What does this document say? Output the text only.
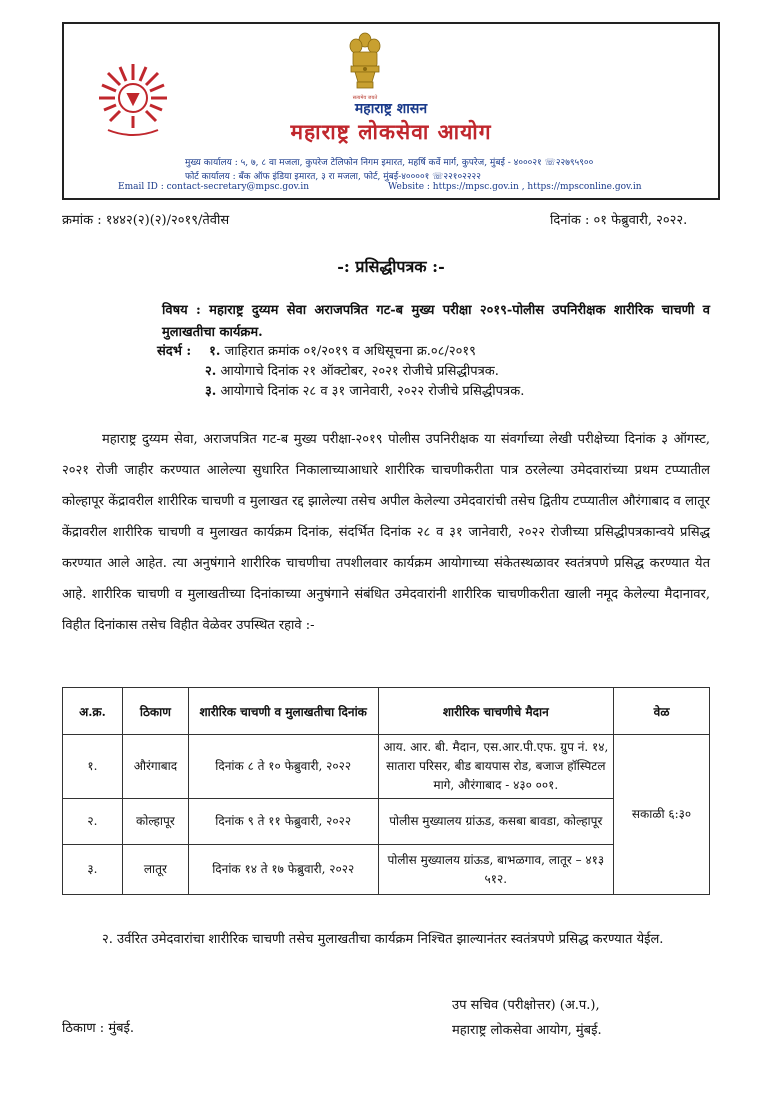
सत्यमेव जयते
महाराष्ट्र शासन
महाराष्ट्र लोकसेवा आयोग
मुख्य कार्यालय : ५, ७, ८ वा मजला, कुपरेज टेलिफोन निगम इमारत, महर्षि कर्वे मार्ग, कुपरेज, मुंबई - ४०००२१ ☏२२७९५९००
फोर्ट कार्यालय : बँक ऑफ इंडिया इमारत, ३ रा मजला, फोर्ट, मुंबई-४००००१ ☏२२१०२२२२
Email ID : contact-secretary@mpsc.gov.in	Website : https://mpsc.gov.in , https://mpsconline.gov.in
क्रमांक : १४४२(२)(२)/२०१९/तेवीस	दिनांक : ०१ फेब्रुवारी, २०२२.
-: प्रसिद्धीपत्रक :-
विषय : महाराष्ट्र दुय्यम सेवा अराजपत्रित गट-ब मुख्य परीक्षा २०१९-पोलीस उपनिरीक्षक शारीरिक चाचणी व मुलाखतीचा कार्यक्रम.
संदर्भ : १. जाहिरात क्रमांक ०१/२०१९ व अधिसूचना क्र.०८/२०१९
२. आयोगाचे दिनांक २१ ऑक्टोबर, २०२१ रोजीचे प्रसिद्धीपत्रक.
३. आयोगाचे दिनांक २८ व ३१ जानेवारी, २०२२ रोजीचे प्रसिद्धीपत्रक.
महाराष्ट्र दुय्यम सेवा, अराजपत्रित गट-ब मुख्य परीक्षा-२०१९ पोलीस उपनिरीक्षक या संवर्गाच्या लेखी परीक्षेच्या दिनांक ३ ऑगस्ट, २०२१ रोजी जाहीर करण्यात आलेल्या सुधारित निकालाच्याआधारे शारीरिक चाचणीकरीता पात्र ठरलेल्या उमेदवारांच्या प्रथम टप्प्यातील कोल्हापूर केंद्रावरील शारीरिक चाचणी व मुलाखत रद्द झालेल्या तसेच अपील केलेल्या उमेदवारांची तसेच द्वितीय टप्प्यातील औरंगाबाद व लातूर केंद्रावरील शारीरिक चाचणी व मुलाखत कार्यक्रम दिनांक, संदर्भित दिनांक २८ व ३१ जानेवारी, २०२२ रोजीच्या प्रसिद्धीपत्रकान्वये प्रसिद्ध करण्यात आले आहेत. त्या अनुषंगाने शारीरिक चाचणीचा तपशीलवार कार्यक्रम आयोगाच्या संकेतस्थळावर स्वतंत्रपणे प्रसिद्ध करण्यात येत आहे. शारीरिक चाचणी व मुलाखतीच्या दिनांकाच्या अनुषंगाने संबंधित उमेदवारांनी शारीरिक चाचणीकरीता खाली नमूद केलेल्या मैदानावर, विहीत दिनांकास तसेच विहीत वेळेवर उपस्थित रहावे :-
अ.क्र.	ठिकाण	शारीरिक चाचणी व मुलाखतीचा दिनांक	शारीरिक चाचणीचे मैदान	वेळ
१.	औरंगाबाद	दिनांक ८ ते १० फेब्रुवारी, २०२२	आय. आर. बी. मैदान, एस.आर.पी.एफ. ग्रुप नं. १४, सातारा परिसर, बीड बायपास रोड, बजाज हॉस्पिटल मागे, औरंगाबाद - ४३० ००१.	सकाळी ६:३०
२.	कोल्हापूर	दिनांक ९ ते ११ फेब्रुवारी, २०२२	पोलीस मुख्यालय ग्रांऊड, कसबा बावडा, कोल्हापूर	
३.	लातूर	दिनांक १४ ते १७ फेब्रुवारी, २०२२	पोलीस मुख्यालय ग्रांऊड, बाभळगाव, लातूर – ४१३ ५१२.	
२. उर्वरित उमेदवारांचा शारीरिक चाचणी तसेच मुलाखतीचा कार्यक्रम निश्चित झाल्यानंतर स्वतंत्रपणे प्रसिद्ध करण्यात येईल.
ठिकाण : मुंबई.
उप सचिव (परीक्षोत्तर) (अ.प.),
महाराष्ट्र लोकसेवा आयोग, मुंबई.
